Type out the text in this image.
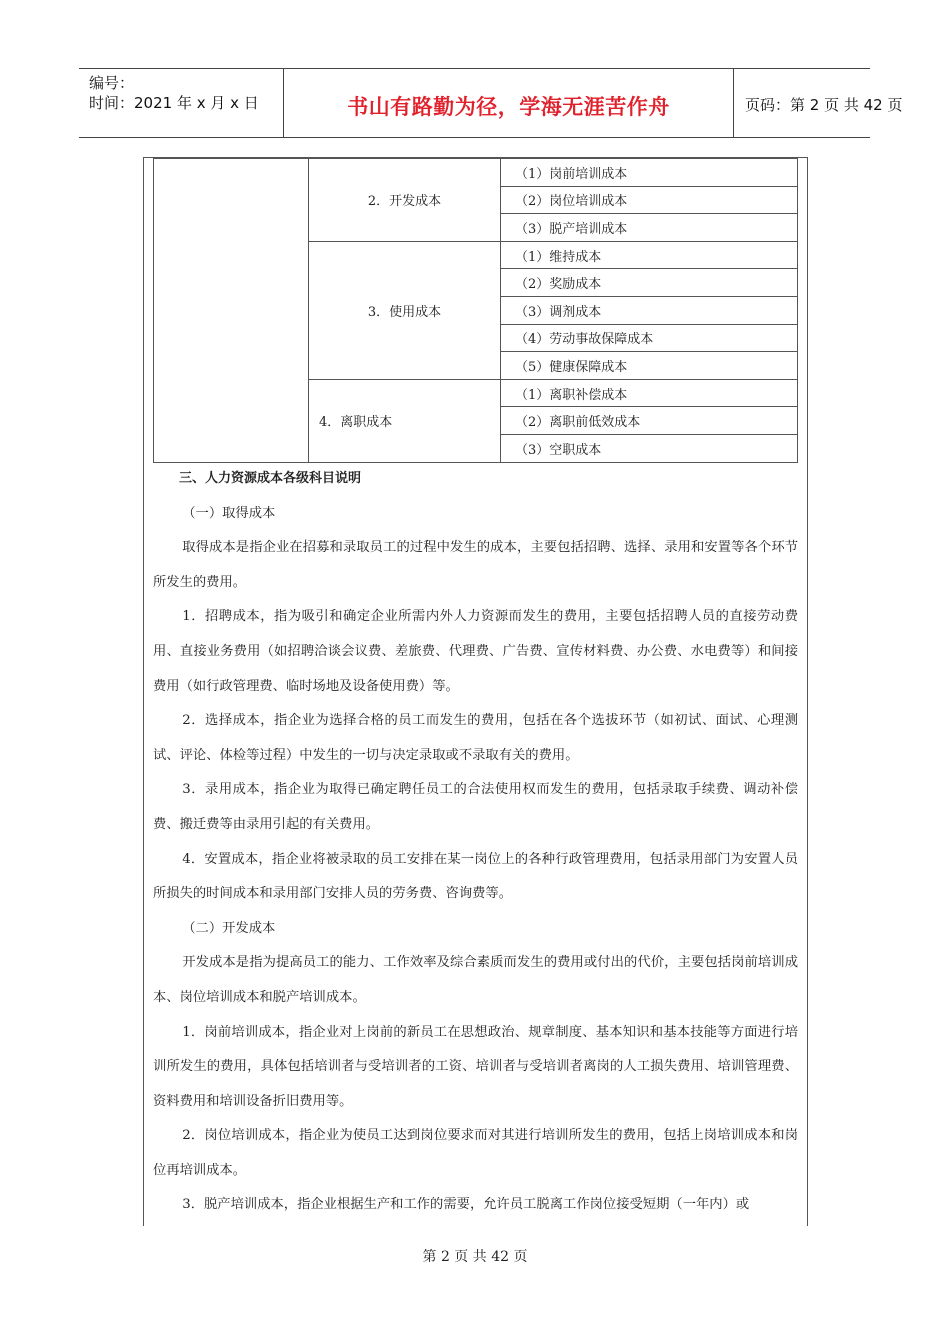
编号：
时间：2021 年 x 月 x 日	书山有路勤为径，学海无涯苦作舟	页码：第 2 页 共 42 页
	2．开发成本	（1）岗前培训成本
		（2）岗位培训成本
		（3）脱产培训成本
	3．使用成本	（1）维持成本
		（2）奖励成本
		（3）调剂成本
		（4）劳动事故保障成本
		（5）健康保障成本
	4．离职成本	（1）离职补偿成本
		（2）离职前低效成本
		（3）空职成本

三、人力资源成本各级科目说明

（一）取得成本

取得成本是指企业在招募和录取员工的过程中发生的成本，主要包括招聘、选择、录用和安置等各个环节所发生的费用。

1．招聘成本，指为吸引和确定企业所需内外人力资源而发生的费用，主要包括招聘人员的直接劳动费用、直接业务费用（如招聘洽谈会议费、差旅费、代理费、广告费、宣传材料费、办公费、水电费等）和间接费用（如行政管理费、临时场地及设备使用费）等。

2．选择成本，指企业为选择合格的员工而发生的费用，包括在各个选拔环节（如初试、面试、心理测试、评论、体检等过程）中发生的一切与决定录取或不录取有关的费用。

3．录用成本，指企业为取得已确定聘任员工的合法使用权而发生的费用，包括录取手续费、调动补偿费、搬迁费等由录用引起的有关费用。

4．安置成本，指企业将被录取的员工安排在某一岗位上的各种行政管理费用，包括录用部门为安置人员所损失的时间成本和录用部门安排人员的劳务费、咨询费等。

（二）开发成本

开发成本是指为提高员工的能力、工作效率及综合素质而发生的费用或付出的代价，主要包括岗前培训成本、岗位培训成本和脱产培训成本。

1．岗前培训成本，指企业对上岗前的新员工在思想政治、规章制度、基本知识和基本技能等方面进行培训所发生的费用，具体包括培训者与受培训者的工资、培训者与受培训者离岗的人工损失费用、培训管理费、资料费用和培训设备折旧费用等。

2．岗位培训成本，指企业为使员工达到岗位要求而对其进行培训所发生的费用，包括上岗培训成本和岗位再培训成本。

3．脱产培训成本，指企业根据生产和工作的需要，允许员工脱离工作岗位接受短期（一年内）或

第 2 页 共 42 页
